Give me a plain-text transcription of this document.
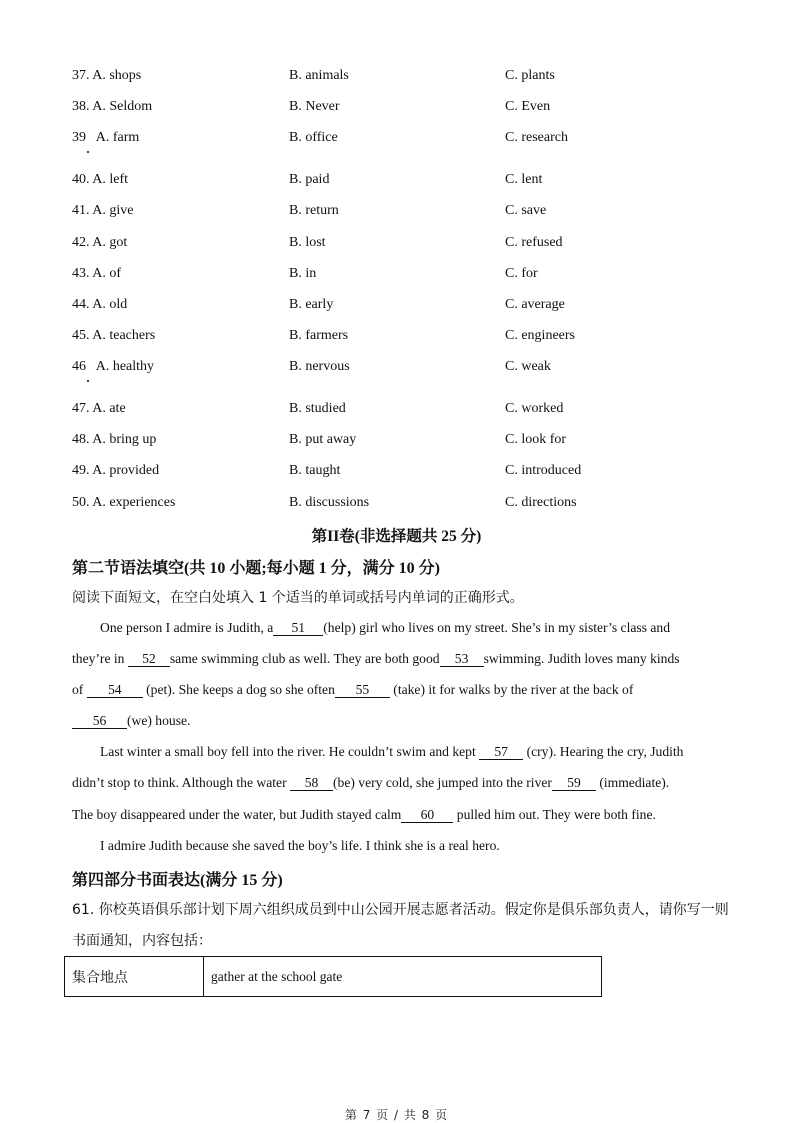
37. A. shops	B. animals	C. plants
38. A. Seldom	B. Never	C. Even
39 A. farm	B. office	C. research
40. A. left	B. paid	C. lent
41. A. give	B. return	C. save
42. A. got	B. lost	C. refused
43. A. of	B. in	C. for
44. A. old	B. early	C. average
45. A. teachers	B. farmers	C. engineers
46 A. healthy	B. nervous	C. weak
47. A. ate	B. studied	C. worked
48. A. bring up	B. put away	C. look for
49. A. provided	B. taught	C. introduced
50. A. experiences	B. discussions	C. directions
第II卷(非选择题共 25 分)
第二节语法填空(共 10 小题;每小题 1 分，满分 10 分)
阅读下面短文，在空白处填入 1 个适当的单词或括号内单词的正确形式。
One person I admire is Judith, a 51 (help) girl who lives on my street. She’s in my sister’s class and
they’re in 52 same swimming club as well. They are both good 53 swimming. Judith loves many kinds
of 54 (pet). She keeps a dog so she often 55 (take) it for walks by the river at the back of
56 (we) house.
Last winter a small boy fell into the river. He couldn’t swim and kept 57 (cry). Hearing the cry, Judith
didn’t stop to think. Although the water 58 (be) very cold, she jumped into the river 59 (immediate).
The boy disappeared under the water, but Judith stayed calm 60 pulled him out. They were both fine.
I admire Judith because she saved the boy’s life. I think she is a real hero.
第四部分书面表达(满分 15 分)
61. 你校英语俱乐部计划下周六组织成员到中山公园开展志愿者活动。假定你是俱乐部负责人，请你写一则
书面通知，内容包括：
集合地点	gather at the school gate
第 7 页 / 共 8 页
